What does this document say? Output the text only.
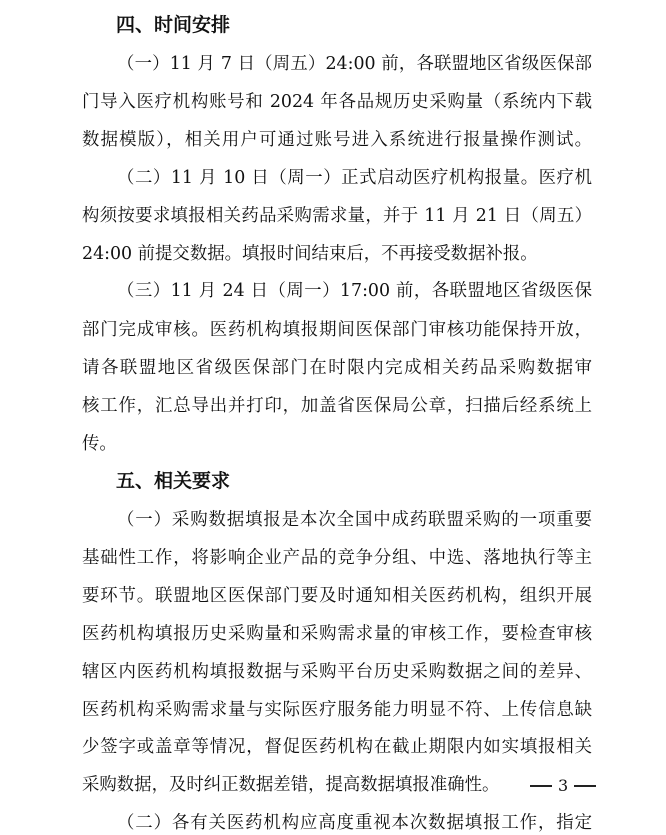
四、时间安排
（一）11 月 7 日（周五）24:00 前，各联盟地区省级医保部
门导入医疗机构账号和 2024 年各品规历史采购量（系统内下载
数据模版），相关用户可通过账号进入系统进行报量操作测试。
（二）11 月 10 日（周一）正式启动医疗机构报量。医疗机
构须按要求填报相关药品采购需求量，并于 11 月 21 日（周五）
24:00 前提交数据。填报时间结束后，不再接受数据补报。
（三）11 月 24 日（周一）17:00 前，各联盟地区省级医保
部门完成审核。医药机构填报期间医保部门审核功能保持开放，
请各联盟地区省级医保部门在时限内完成相关药品采购数据审
核工作，汇总导出并打印，加盖省医保局公章，扫描后经系统上
传。
五、相关要求
（一）采购数据填报是本次全国中成药联盟采购的一项重要
基础性工作，将影响企业产品的竞争分组、中选、落地执行等主
要环节。联盟地区医保部门要及时通知相关医药机构，组织开展
医药机构填报历史采购量和采购需求量的审核工作，要检查审核
辖区内医药机构填报数据与采购平台历史采购数据之间的差异、
医药机构采购需求量与实际医疗服务能力明显不符、上传信息缺
少签字或盖章等情况，督促医药机构在截止期限内如实填报相关
采购数据，及时纠正数据差错，提高数据填报准确性。
（二）各有关医药机构应高度重视本次数据填报工作，指定
3
